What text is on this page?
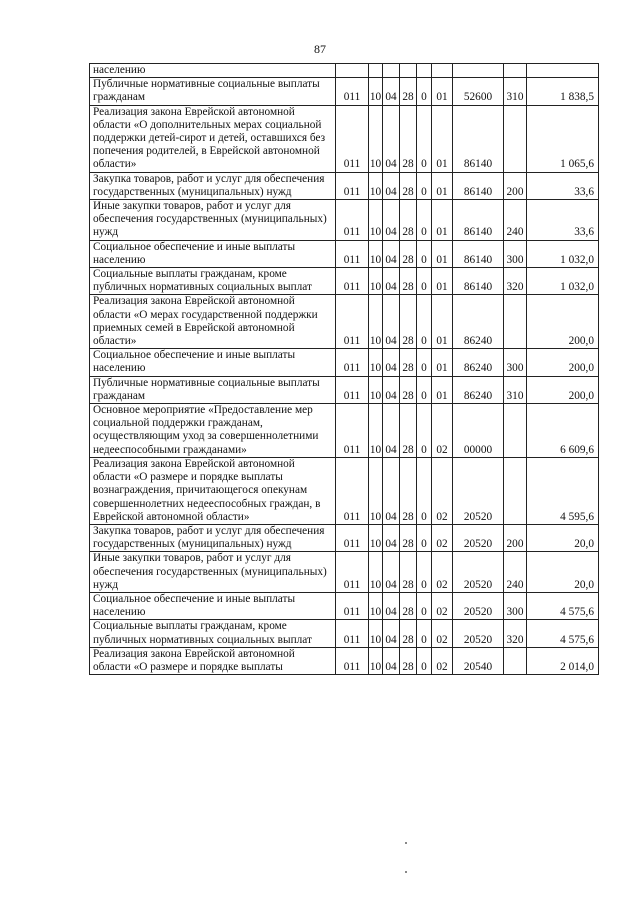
87
населению									
Публичные нормативные социальные выплаты гражданам	011	10	04	28	0	01	52600	310	1 838,5
Реализация закона Еврейской автономной области «О дополнительных мерах социальной поддержки детей-сирот и детей, оставшихся без попечения родителей, в Еврейской автономной области»	011	10	04	28	0	01	86140		1 065,6
Закупка товаров, работ и услуг для обеспечения государственных (муниципальных) нужд	011	10	04	28	0	01	86140	200	33,6
Иные закупки товаров, работ и услуг для обеспечения государственных (муниципальных) нужд	011	10	04	28	0	01	86140	240	33,6
Социальное обеспечение и иные выплаты населению	011	10	04	28	0	01	86140	300	1 032,0
Социальные выплаты гражданам, кроме публичных нормативных социальных выплат	011	10	04	28	0	01	86140	320	1 032,0
Реализация закона Еврейской автономной области «О мерах государственной поддержки приемных семей в Еврейской автономной области»	011	10	04	28	0	01	86240		200,0
Социальное обеспечение и иные выплаты населению	011	10	04	28	0	01	86240	300	200,0
Публичные нормативные социальные выплаты гражданам	011	10	04	28	0	01	86240	310	200,0
Основное мероприятие «Предоставление мер социальной поддержки гражданам, осуществляющим уход за совершеннолетними недееспособными гражданами»	011	10	04	28	0	02	00000		6 609,6
Реализация закона Еврейской автономной области «О размере и порядке выплаты вознаграждения, причитающегося опекунам совершеннолетних недееспособных граждан, в Еврейской автономной области»	011	10	04	28	0	02	20520		4 595,6
Закупка товаров, работ и услуг для обеспечения государственных (муниципальных) нужд	011	10	04	28	0	02	20520	200	20,0
Иные закупки товаров, работ и услуг для обеспечения государственных (муниципальных) нужд	011	10	04	28	0	02	20520	240	20,0
Социальное обеспечение и иные выплаты населению	011	10	04	28	0	02	20520	300	4 575,6
Социальные выплаты гражданам, кроме публичных нормативных социальных выплат	011	10	04	28	0	02	20520	320	4 575,6
Реализация закона Еврейской автономной области «О размере и порядке выплаты	011	10	04	28	0	02	20540		2 014,0
